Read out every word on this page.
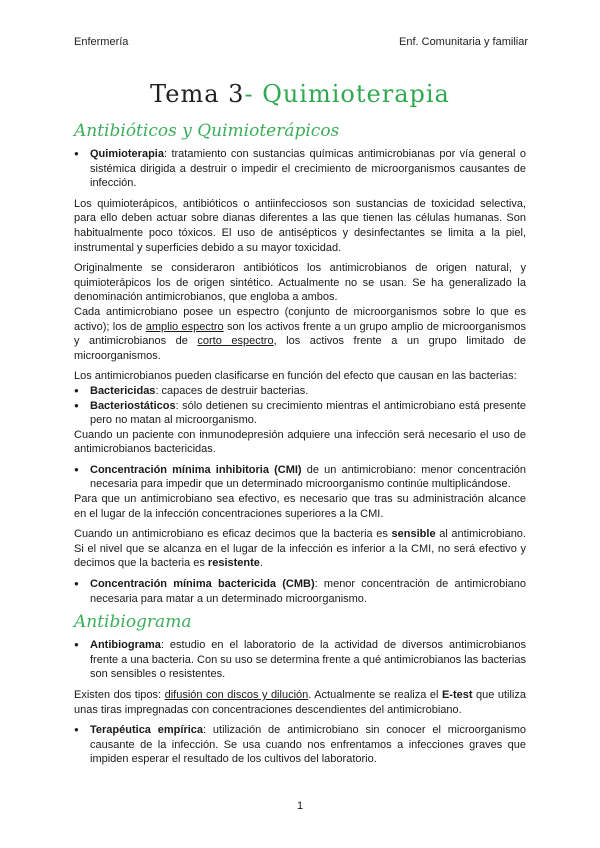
Enfermería	Enf. Comunitaria y familiar
Tema 3- Quimioterapia
Antibióticos y Quimioterápicos
● Quimioterapia: tratamiento con sustancias químicas antimicrobianas por vía general o sistémica dirigida a destruir o impedir el crecimiento de microorganismos causantes de infección.

Los quimioterápicos, antibióticos o antiinfecciosos son sustancias de toxicidad selectiva, para ello deben actuar sobre dianas diferentes a las que tienen las células humanas. Son habitualmente poco tóxicos. El uso de antisépticos y desinfectantes se limita a la piel, instrumental y superficies debido a su mayor toxicidad.

Originalmente se consideraron antibióticos los antimicrobianos de origen natural, y quimioterápicos los de origen sintético. Actualmente no se usan. Se ha generalizado la denominación antimicrobianos, que engloba a ambos.

Cada antimicrobiano posee un espectro (conjunto de microorganismos sobre lo que es activo); los de amplio espectro son los activos frente a un grupo amplio de microorganismos y antimicrobianos de corto espectro, los activos frente a un grupo limitado de microorganismos.

Los antimicrobianos pueden clasificarse en función del efecto que causan en las bacterias:

● Bactericidas: capaces de destruir bacterias.
● Bacteriostáticos: sólo detienen su crecimiento mientras el antimicrobiano está presente pero no matan al microorganismo.

Cuando un paciente con inmunodepresión adquiere una infección será necesario el uso de antimicrobianos bactericidas.

● Concentración mínima inhibitoria (CMI) de un antimicrobiano: menor concentración necesaria para impedir que un determinado microorganismo continúe multiplicándose.

Para que un antimicrobiano sea efectivo, es necesario que tras su administración alcance en el lugar de la infección concentraciones superiores a la CMI.

Cuando un antimicrobiano es eficaz decimos que la bacteria es sensible al antimicrobiano. Si el nivel que se alcanza en el lugar de la infección es inferior a la CMI, no será efectivo y decimos que la bacteria es resistente.

● Concentración mínima bactericida (CMB): menor concentración de antimicrobiano necesaria para matar a un determinado microorganismo.
Antibiograma
● Antibiograma: estudio en el laboratorio de la actividad de diversos antimicrobianos frente a una bacteria. Con su uso se determina frente a qué antimicrobianos las bacterias son sensibles o resistentes.

Existen dos tipos: difusión con discos y dilución. Actualmente se realiza el E-test que utiliza unas tiras impregnadas con concentraciones descendientes del antimicrobiano.

● Terapéutica empírica: utilización de antimicrobiano sin conocer el microorganismo causante de la infección. Se usa cuando nos enfrentamos a infecciones graves que impiden esperar el resultado de los cultivos del laboratorio.
1
